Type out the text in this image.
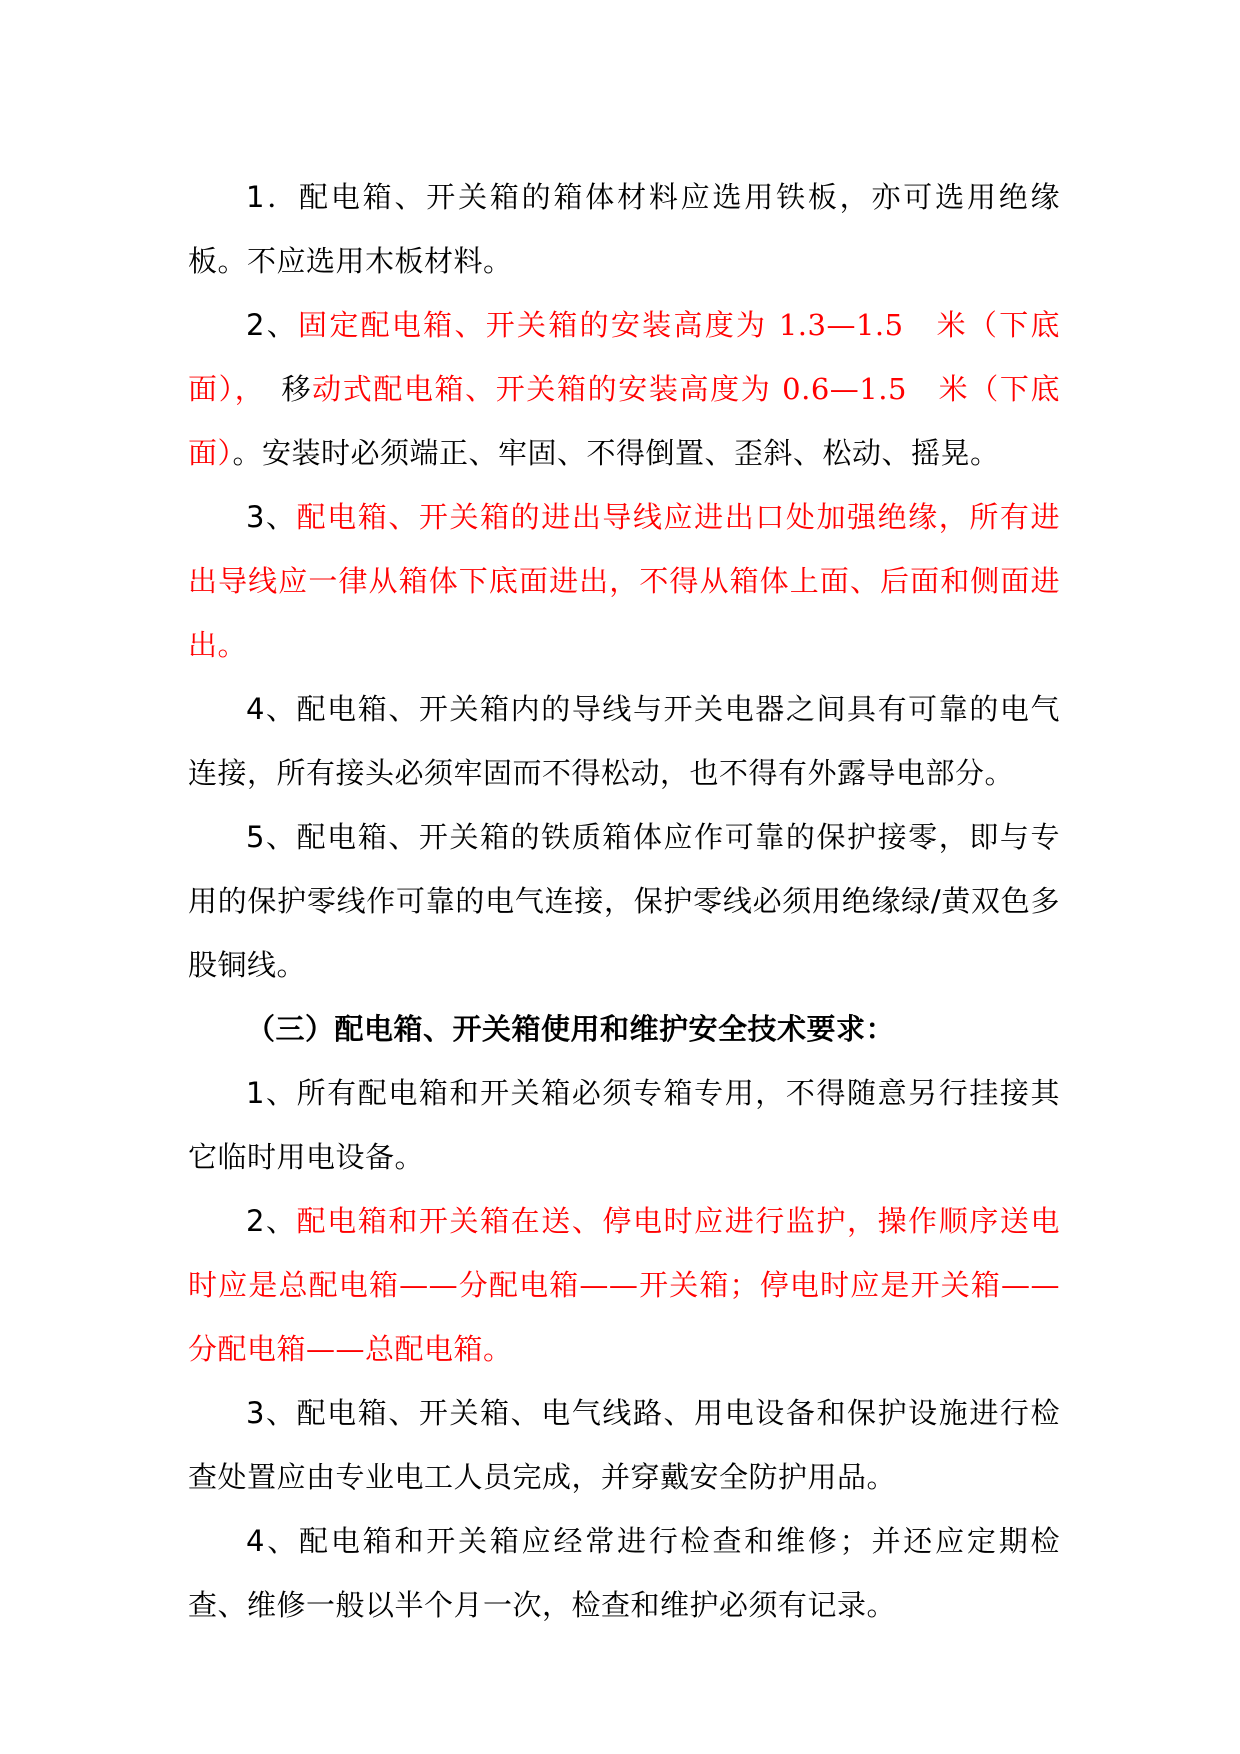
1．配电箱、开关箱的箱体材料应选用铁板，亦可选用绝缘板。不应选用木板材料。

2、固定配电箱、开关箱的安装高度为 1.3—1.5　米（下底面），　移动式配电箱、开关箱的安装高度为 0.6—1.5　米（下底面）。安装时必须端正、牢固、不得倒置、歪斜、松动、摇晃。

3、配电箱、开关箱的进出导线应进出口处加强绝缘，所有进出导线应一律从箱体下底面进出，不得从箱体上面、后面和侧面进出。

4、配电箱、开关箱内的导线与开关电器之间具有可靠的电气连接，所有接头必须牢固而不得松动，也不得有外露导电部分。

5、配电箱、开关箱的铁质箱体应作可靠的保护接零，即与专用的保护零线作可靠的电气连接，保护零线必须用绝缘绿/黄双色多股铜线。

（三）配电箱、开关箱使用和维护安全技术要求：

1、所有配电箱和开关箱必须专箱专用，不得随意另行挂接其它临时用电设备。

2、配电箱和开关箱在送、停电时应进行监护，操作顺序送电时应是总配电箱——分配电箱——开关箱；停电时应是开关箱——分配电箱——总配电箱。

3、配电箱、开关箱、电气线路、用电设备和保护设施进行检查处置应由专业电工人员完成，并穿戴安全防护用品。

4、配电箱和开关箱应经常进行检查和维修；并还应定期检查、维修一般以半个月一次，检查和维护必须有记录。
